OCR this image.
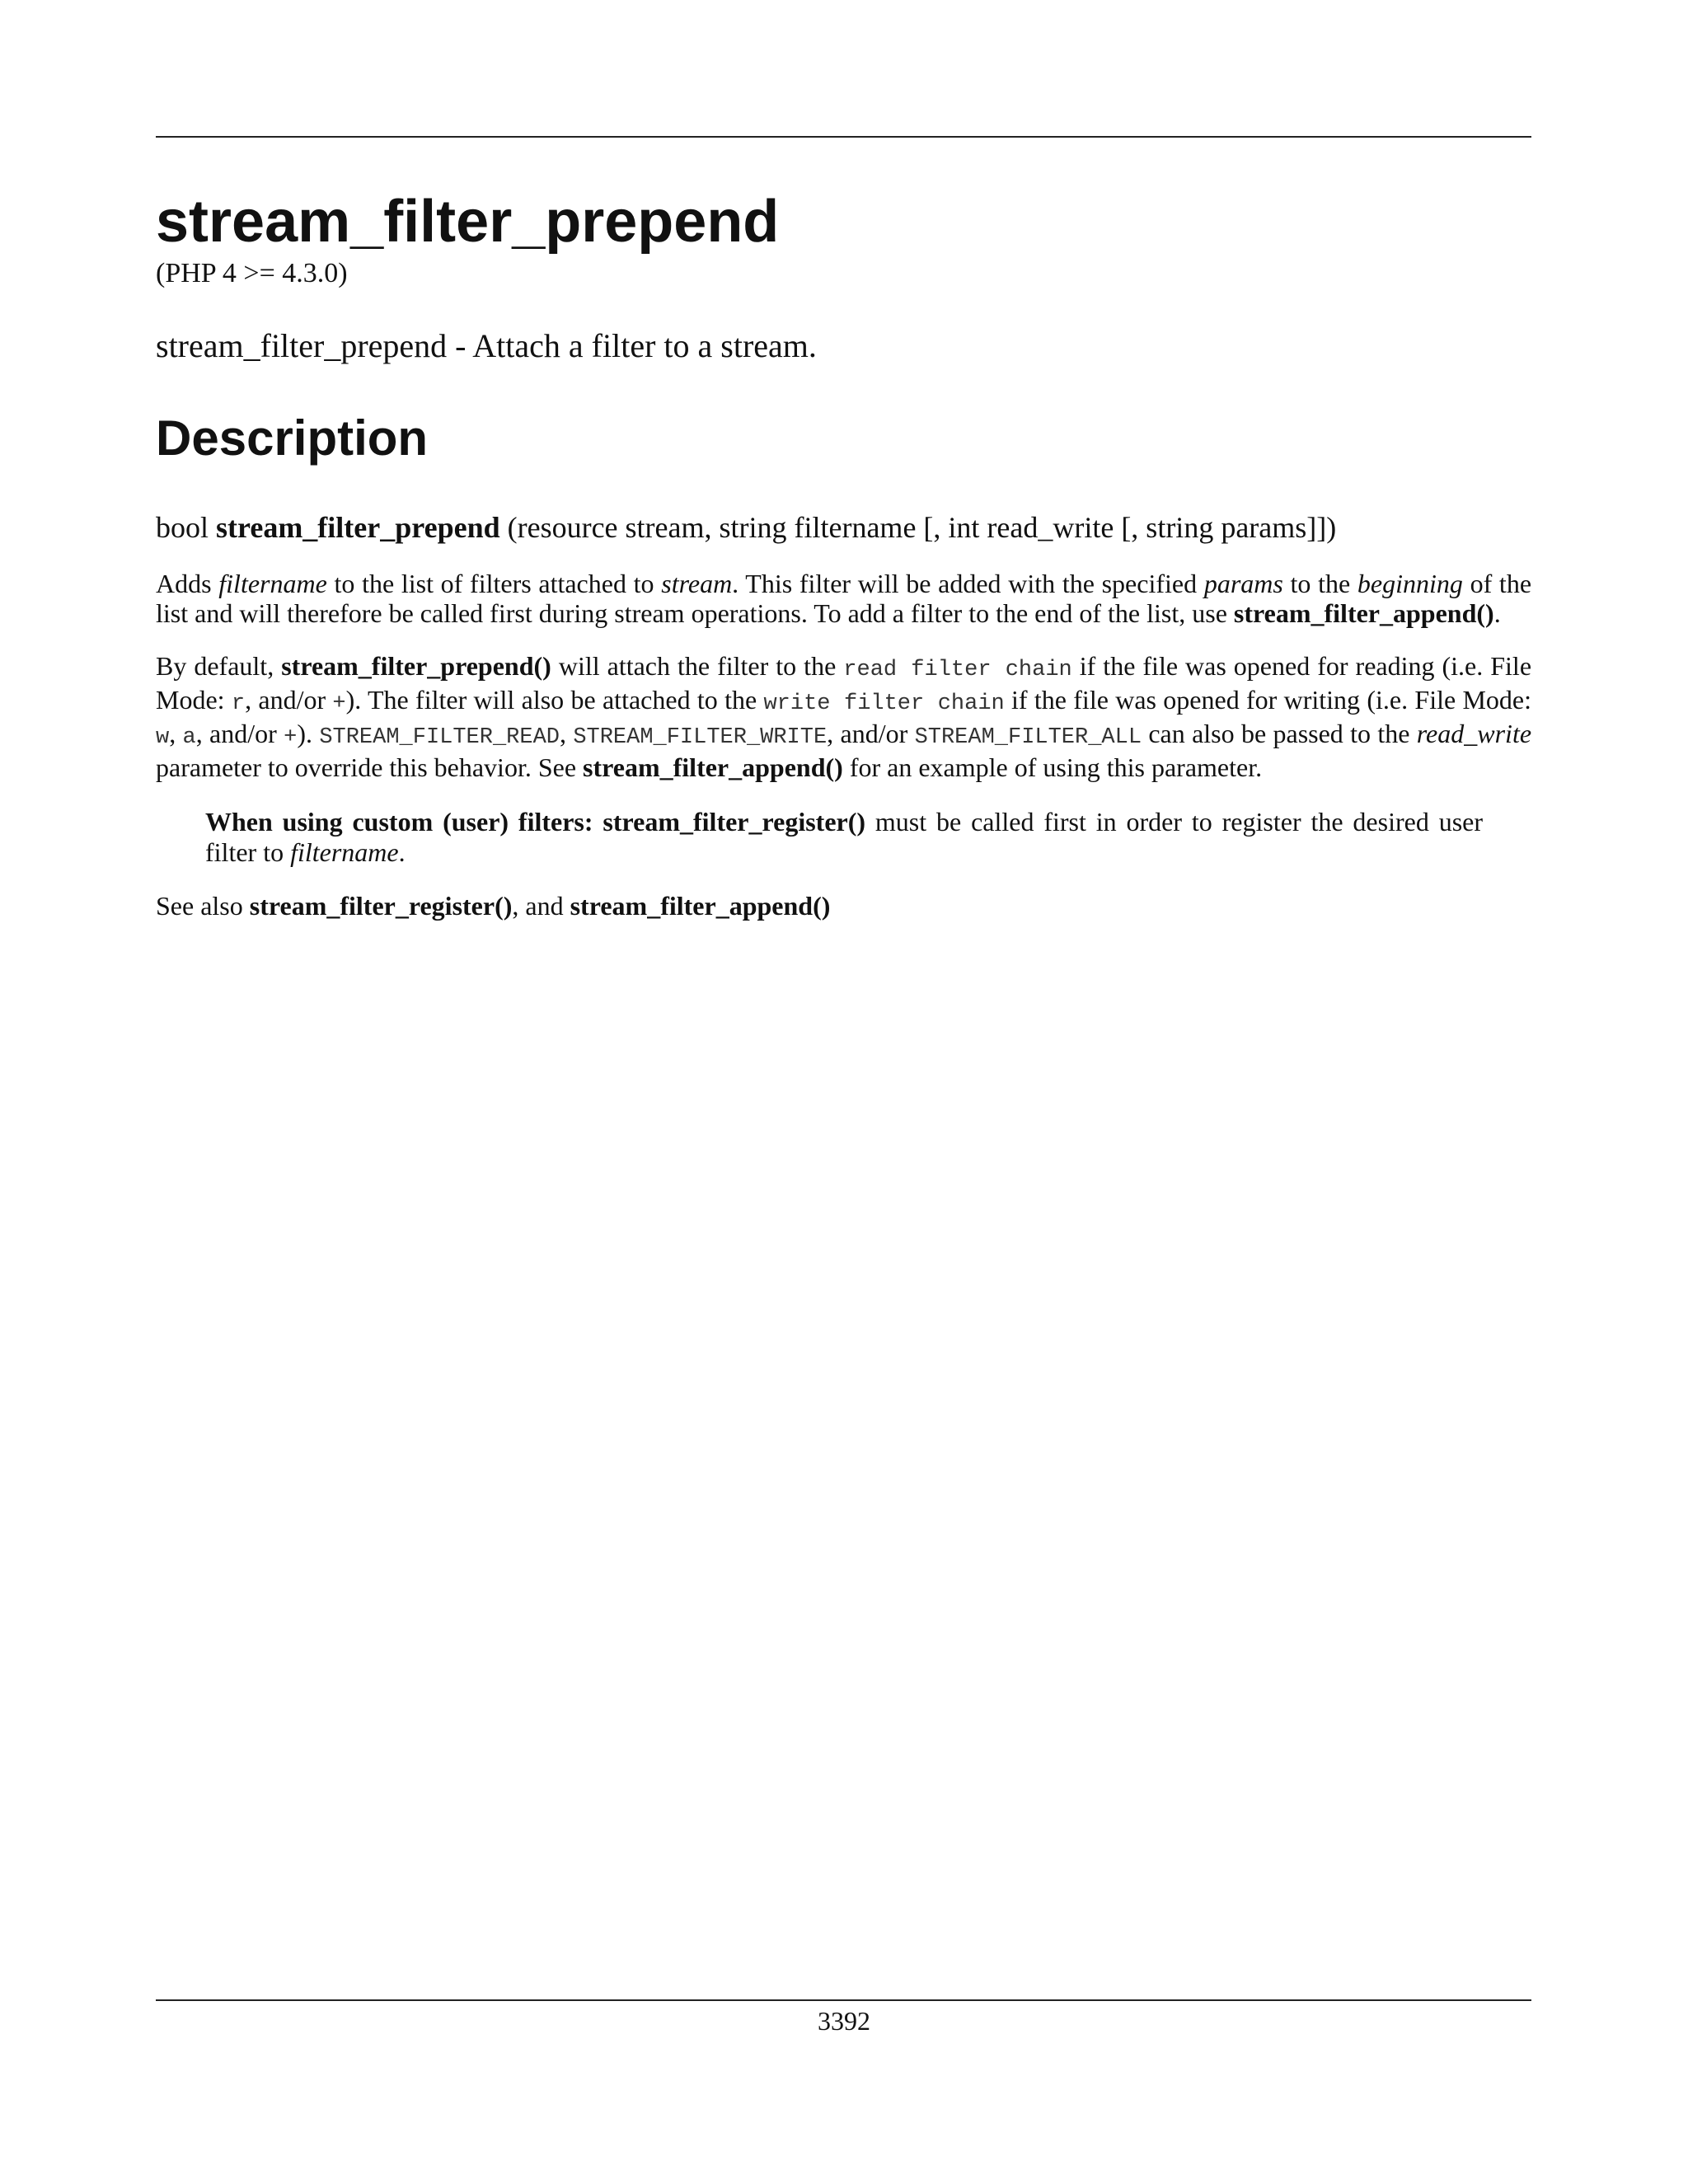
stream_filter_prepend
(PHP 4 >= 4.3.0)
stream_filter_prepend - Attach a filter to a stream.
Description
bool stream_filter_prepend (resource stream, string filtername [, int read_write [, string params]])

Adds filtername to the list of filters attached to stream. This filter will be added with the specified params to the beginning of the list and will therefore be called first during stream operations. To add a filter to the end of the list, use stream_filter_append().

By default, stream_filter_prepend() will attach the filter to the read filter chain if the file was opened for reading (i.e. File Mode: r, and/or +). The filter will also be attached to the write filter chain if the file was opened for writing (i.e. File Mode: w, a, and/or +). STREAM_FILTER_READ, STREAM_FILTER_WRITE, and/or STREAM_FILTER_ALL can also be passed to the read_write parameter to override this behavior. See stream_filter_append() for an example of using this parameter.

When using custom (user) filters: stream_filter_register() must be called first in order to register the desired user filter to filtername.

See also stream_filter_register(), and stream_filter_append()

3392
